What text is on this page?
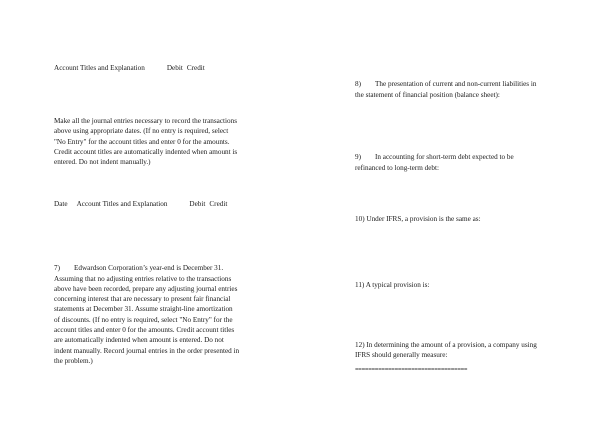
Account Titles and Explanation	Debit Credit

Make all the journal entries necessary to record the transactions
above using appropriate dates. (If no entry is required, select
"No Entry" for the account titles and enter 0 for the amounts.
Credit account titles are automatically indented when amount is
entered. Do not indent manually.)

Date Account Titles and Explanation	Debit Credit

7) Edwardson Corporation’s year-end is December 31.
Assuming that no adjusting entries relative to the transactions
above have been recorded, prepare any adjusting journal entries
concerning interest that are necessary to present fair financial
statements at December 31. Assume straight-line amortization
of discounts. (If no entry is required, select "No Entry" for the
account titles and enter 0 for the amounts. Credit account titles
are automatically indented when amount is entered. Do not
indent manually. Record journal entries in the order presented in
the problem.)

8) The presentation of current and non-current liabilities in
the statement of financial position (balance sheet):

9) In accounting for short-term debt expected to be
refinanced to long-term debt:

10) Under IFRS, a provision is the same as:
11) A typical provision is:
12) In determining the amount of a provision, a company using
IFRS should generally measure:
==================================
